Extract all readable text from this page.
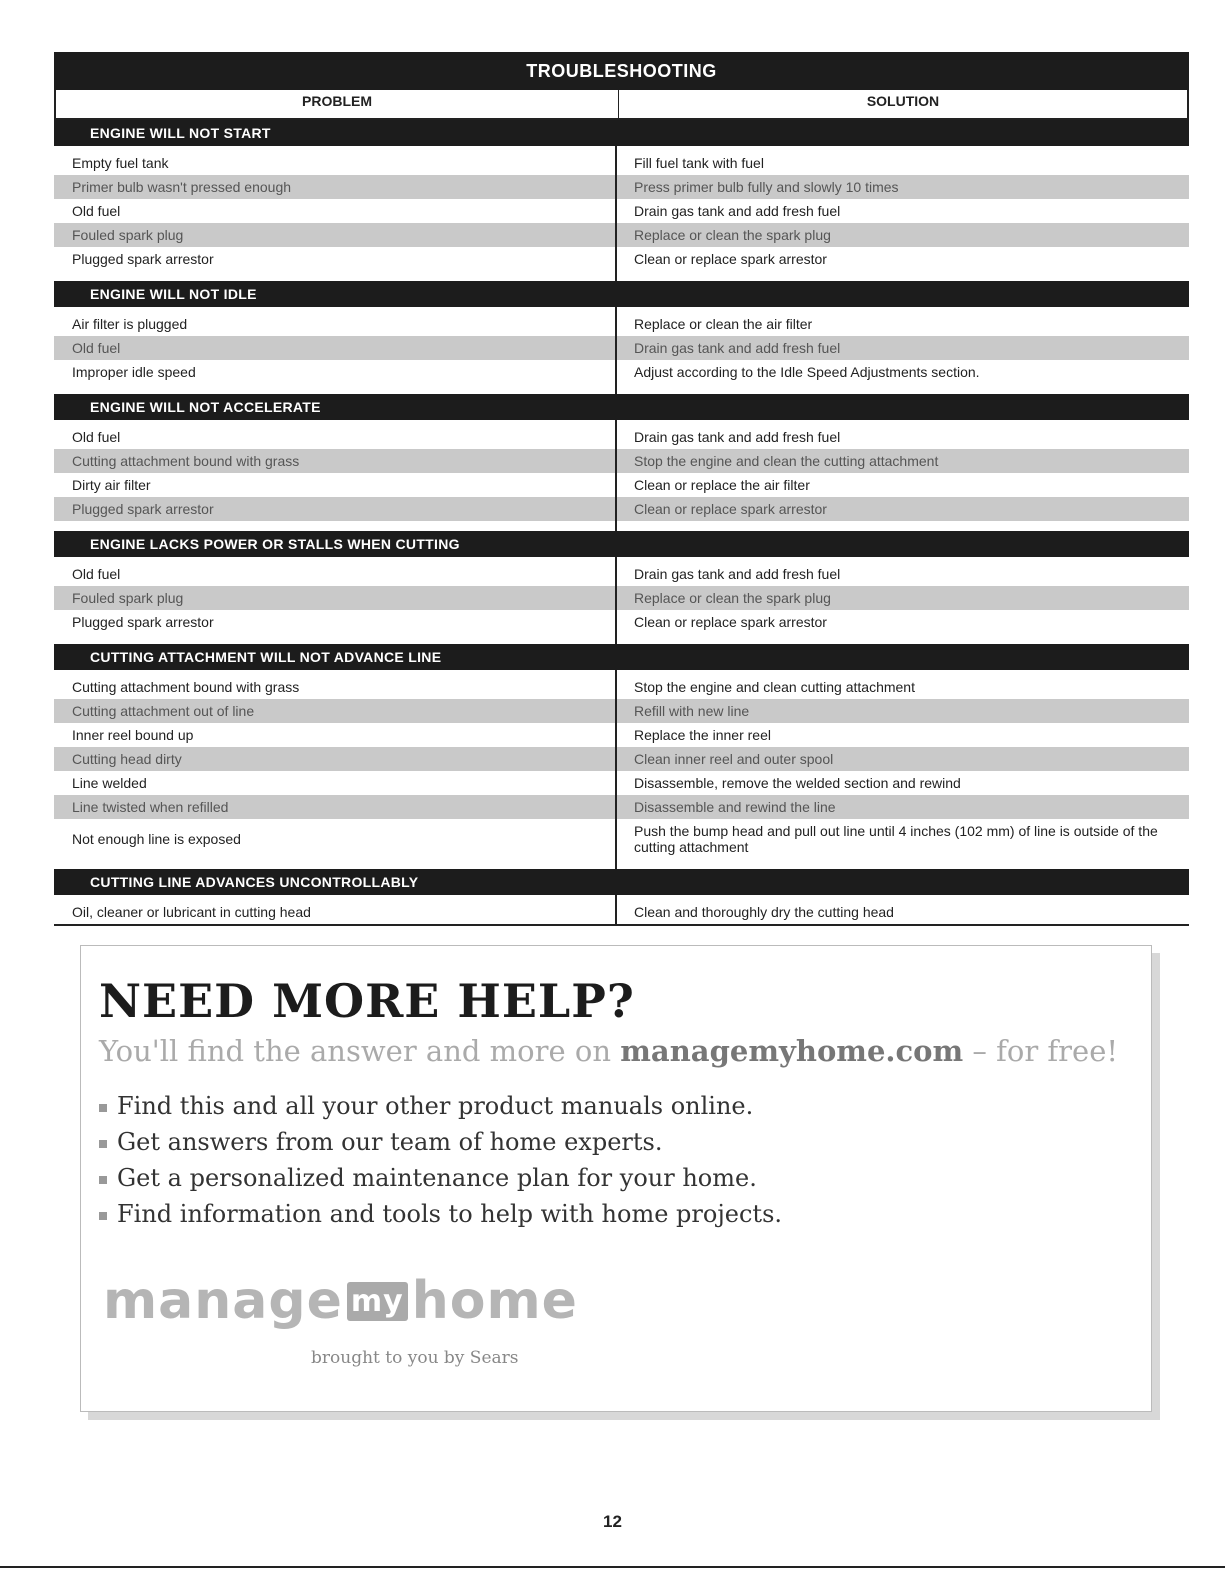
TROUBLESHOOTING
PROBLEM	SOLUTION
ENGINE WILL NOT START
Empty fuel tank	Fill fuel tank with fuel
Primer bulb wasn't pressed enough	Press primer bulb fully and slowly 10 times
Old fuel	Drain gas tank and add fresh fuel
Fouled spark plug	Replace or clean the spark plug
Plugged spark arrestor	Clean or replace spark arrestor
ENGINE WILL NOT IDLE
Air filter is plugged	Replace or clean the air filter
Old fuel	Drain gas tank and add fresh fuel
Improper idle speed	Adjust according to the Idle Speed Adjustments section.
ENGINE WILL NOT ACCELERATE
Old fuel	Drain gas tank and add fresh fuel
Cutting attachment bound with grass	Stop the engine and clean the cutting attachment
Dirty air filter	Clean or replace the air filter
Plugged spark arrestor	Clean or replace spark arrestor
ENGINE LACKS POWER OR STALLS WHEN CUTTING
Old fuel	Drain gas tank and add fresh fuel
Fouled spark plug	Replace or clean the spark plug
Plugged spark arrestor	Clean or replace spark arrestor
CUTTING ATTACHMENT WILL NOT ADVANCE LINE
Cutting attachment bound with grass	Stop the engine and clean cutting attachment
Cutting attachment out of line	Refill with new line
Inner reel bound up	Replace the inner reel
Cutting head dirty	Clean inner reel and outer spool
Line welded	Disassemble, remove the welded section and rewind
Line twisted when refilled	Disassemble and rewind the line
Not enough line is exposed	Push the bump head and pull out line until 4 inches (102 mm) of line is outside of the cutting attachment
CUTTING LINE ADVANCES UNCONTROLLABLY
Oil, cleaner or lubricant in cutting head	Clean and thoroughly dry the cutting head
NEED MORE HELP?
You'll find the answer and more on managemyhome.com – for free!
Find this and all your other product manuals online.
Get answers from our team of home experts.
Get a personalized maintenance plan for your home.
Find information and tools to help with home projects.
manage my home
brought to you by Sears
12
